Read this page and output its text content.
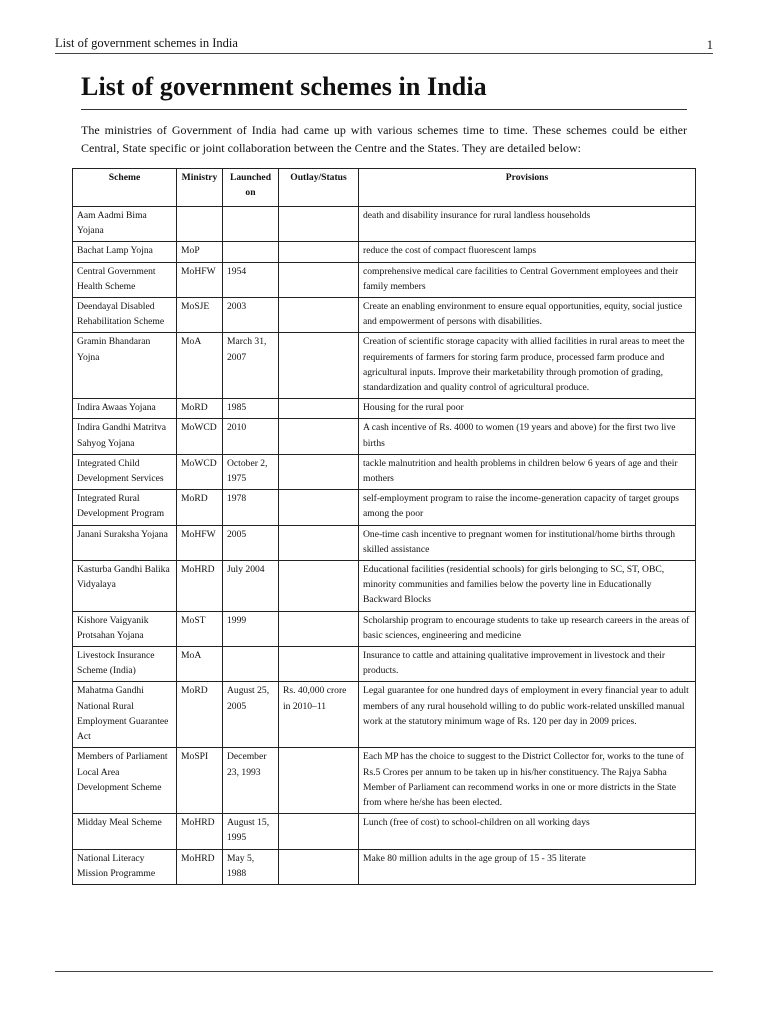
List of government schemes in India	1
List of government schemes in India

The ministries of Government of India had came up with various schemes time to time. These schemes could be either Central, State specific or joint collaboration between the Centre and the States. They are detailed below:

Scheme	Ministry	Launched on	Outlay/Status	Provisions
Aam Aadmi Bima Yojana				death and disability insurance for rural landless households
Bachat Lamp Yojna	MoP			reduce the cost of compact fluorescent lamps
Central Government Health Scheme	MoHFW	1954		comprehensive medical care facilities to Central Government employees and their family members
Deendayal Disabled Rehabilitation Scheme	MoSJE	2003		Create an enabling environment to ensure equal opportunities, equity, social justice and empowerment of persons with disabilities.
Gramin Bhandaran Yojna	MoA	March 31, 2007		Creation of scientific storage capacity with allied facilities in rural areas to meet the requirements of farmers for storing farm produce, processed farm produce and agricultural inputs. Improve their marketability through promotion of grading, standardization and quality control of agricultural produce.
Indira Awaas Yojana	MoRD	1985		Housing for the rural poor
Indira Gandhi Matritva Sahyog Yojana	MoWCD	2010		A cash incentive of Rs. 4000 to women (19 years and above) for the first two live births
Integrated Child Development Services	MoWCD	October 2, 1975		tackle malnutrition and health problems in children below 6 years of age and their mothers
Integrated Rural Development Program	MoRD	1978		self-employment program to raise the income-generation capacity of target groups among the poor
Janani Suraksha Yojana	MoHFW	2005		One-time cash incentive to pregnant women for institutional/home births through skilled assistance
Kasturba Gandhi Balika Vidyalaya	MoHRD	July 2004		Educational facilities (residential schools) for girls belonging to SC, ST, OBC, minority communities and families below the poverty line in Educationally Backward Blocks
Kishore Vaigyanik Protsahan Yojana	MoST	1999		Scholarship program to encourage students to take up research careers in the areas of basic sciences, engineering and medicine
Livestock Insurance Scheme (India)	MoA			Insurance to cattle and attaining qualitative improvement in livestock and their products.
Mahatma Gandhi National Rural Employment Guarantee Act	MoRD	August 25, 2005	Rs. 40,000 crore in 2010–11	Legal guarantee for one hundred days of employment in every financial year to adult members of any rural household willing to do public work-related unskilled manual work at the statutory minimum wage of Rs. 120 per day in 2009 prices.
Members of Parliament Local Area Development Scheme	MoSPI	December 23, 1993		Each MP has the choice to suggest to the District Collector for, works to the tune of Rs.5 Crores per annum to be taken up in his/her constituency. The Rajya Sabha Member of Parliament can recommend works in one or more districts in the State from where he/she has been elected.
Midday Meal Scheme	MoHRD	August 15, 1995		Lunch (free of cost) to school-children on all working days
National Literacy Mission Programme	MoHRD	May 5, 1988		Make 80 million adults in the age group of 15 - 35 literate
